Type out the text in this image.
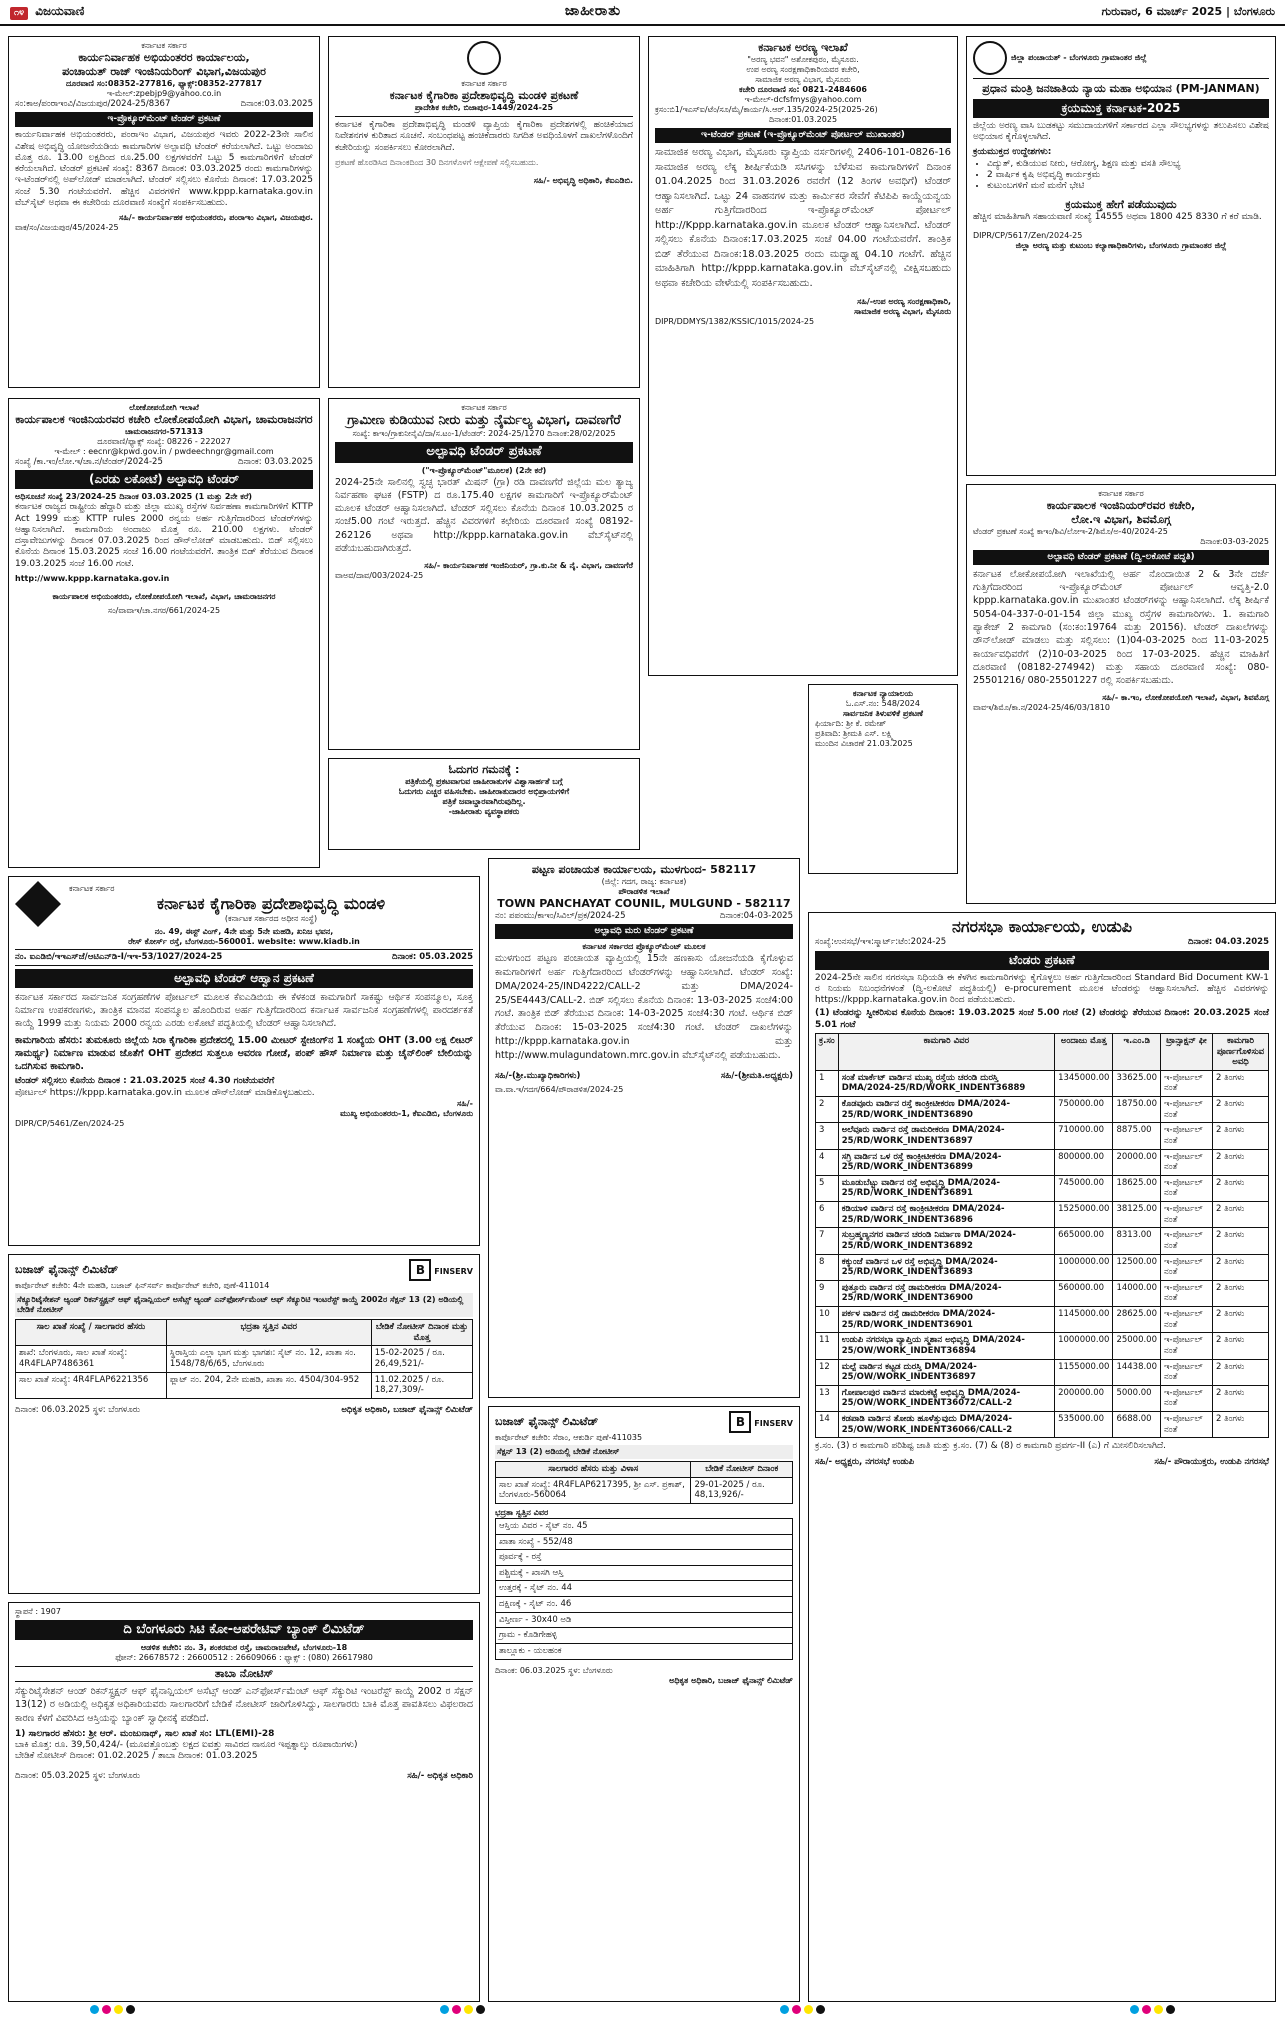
೧೪ ವಿಜಯವಾಣಿ	ಜಾಹೀರಾತು	ಗುರುವಾರ, 6 ಮಾರ್ಚ್ 2025 | ಬೆಂಗಳೂರು
ಕರ್ನಾಟಕ ಸರ್ಕಾರ
ಕಾರ್ಯನಿರ್ವಾಹಕ ಅಭಿಯಂತರರ ಕಾರ್ಯಾಲಯ,
ಪಂಚಾಯತ್ ರಾಜ್ ಇಂಜಿನಿಯರಿಂಗ್ ವಿಭಾಗ,ವಿಜಯಪುರ
ದೂರವಾಣಿ ಸಂ:08352-277816, ಫ್ಯಾಕ್ಸ್:08352-277817
ಇ-ಮೇಲ್:zpebjp9@yahoo.co.in
ಸಂ:ಕಾಅ/ಪಂರಾಇಂವಿ/ವಿಜಯಪುರ/2024-25/8367	ದಿನಾಂಕ:03.03.2025
ಇ-ಪ್ರೊಕ್ಯೂರ್‌ಮೆಂಟ್ ಟೆಂಡರ್ ಪ್ರಕಟಣೆ
ಕಾರ್ಯನಿರ್ವಾಹಕ ಅಭಿಯಂತರರು, ಪಂರಾಇಂ ವಿಭಾಗ, ವಿಜಯಪುರ ಇವರು 2022-23ನೇ ಸಾಲಿನ ವಿಶೇಷ ಅಭಿವೃದ್ಧಿ ಯೋಜನೆಯಡಿಯ ಕಾಮಗಾರಿಗಳ ಅಲ್ಪಾವಧಿ ಟೆಂಡರ್ ಕರೆಯಲಾಗಿದೆ. ಒಟ್ಟು ಅಂದಾಜು ಮೊತ್ತ ರೂ. 13.00 ಲಕ್ಷದಿಂದ ರೂ.25.00 ಲಕ್ಷಗಳವರೆಗೆ ಒಟ್ಟು 5 ಕಾಮಗಾರಿಗಳಿಗೆ ಟೆಂಡರ್ ಕರೆಯಲಾಗಿದೆ. ಟೆಂಡರ್ ಪ್ರಕಟಣೆ ಸಂಖ್ಯೆ: 8367 ದಿನಾಂಕ: 03.03.2025 ರಂದು ಕಾಮಗಾರಿಗಳನ್ನು ಇ-ಟೆಂಡರ್‌ನಲ್ಲಿ ಅಪ್‌ಲೋಡ್ ಮಾಡಲಾಗಿದೆ. ಟೆಂಡರ್ ಸಲ್ಲಿಸಲು ಕೊನೆಯ ದಿನಾಂಕ: 17.03.2025 ಸಂಜೆ 5.30 ಗಂಟೆಯವರೆಗೆ. ಹೆಚ್ಚಿನ ವಿವರಗಳಿಗೆ www.kppp.karnataka.gov.in ವೆಬ್‌ಸೈಟ್ ಅಥವಾ ಈ ಕಚೇರಿಯ ದೂರವಾಣಿ ಸಂಖ್ಯೆಗೆ ಸಂಪರ್ಕಿಸಬಹುದು.
ಸಹಿ/- ಕಾರ್ಯನಿರ್ವಾಹಕ ಅಭಿಯಂತರರು, ಪಂರಾಇಂ ವಿಭಾಗ, ವಿಜಯಪುರ.
ವಾಕ/ಸಂ/ವಿಜಯಪುರ/45/2024-25
ಕರ್ನಾಟಕ ಸರ್ಕಾರ
ಕರ್ನಾಟಕ ಕೈಗಾರಿಕಾ ಪ್ರದೇಶಾಭಿವೃದ್ಧಿ ಮಂಡಳಿ ಪ್ರಕಟಣೆ
ಪ್ರಾದೇಶಿಕ ಕಚೇರಿ, ಬಿಜಾಪುರ-1449/2024-25
ಕರ್ನಾಟಕ ಕೈಗಾರಿಕಾ ಪ್ರದೇಶಾಭಿವೃದ್ಧಿ ಮಂಡಳಿ ವ್ಯಾಪ್ತಿಯ ಕೈಗಾರಿಕಾ ಪ್ರದೇಶಗಳಲ್ಲಿ ಹಂಚಿಕೆಯಾದ ನಿವೇಶನಗಳ ಕುರಿತಾದ ಸೂಚನೆ. ಸಂಬಂಧಪಟ್ಟ ಹಂಚಿಕೆದಾರರು ನಿಗದಿತ ಅವಧಿಯೊಳಗೆ ದಾಖಲೆಗಳೊಂದಿಗೆ ಕಚೇರಿಯನ್ನು ಸಂಪರ್ಕಿಸಲು ಕೋರಲಾಗಿದೆ.
ಪ್ರಕಟಣೆ ಹೊರಡಿಸಿದ ದಿನಾಂಕದಿಂದ 30 ದಿನಗಳೊಳಗೆ ಆಕ್ಷೇಪಣೆ ಸಲ್ಲಿಸಬಹುದು.
ಸಹಿ/- ಅಭಿವೃದ್ಧಿ ಅಧಿಕಾರಿ, ಕೆಐಎಡಿಬಿ.
ಕರ್ನಾಟಕ ಅರಣ್ಯ ಇಲಾಖೆ
"ಅರಣ್ಯ ಭವನ" ಅಶೋಕಪುರಂ, ಮೈಸೂರು.
ಉಪ ಅರಣ್ಯ ಸಂರಕ್ಷಣಾಧಿಕಾರಿಯವರ ಕಚೇರಿ,
ಸಾಮಾಜಿಕ ಅರಣ್ಯ ವಿಭಾಗ, ಮೈಸೂರು
ಕಚೇರಿ ದೂರವಾಣಿ ಸಂ: 0821-2484606
ಇ-ಮೇಲ್-dcfsfmys@yahoo.com
ಕ್ರಸಂ:ಬಿ1/ಇಎಸ್ಐ/ಟೆಂ/ಸೂ/ಮೈ/ಕಾರ್ಯ/ಸಿ.ಆರ್.135/2024-25(2025-26)
ದಿನಾಂಕ:01.03.2025
ಇ-ಟೆಂಡರ್ ಪ್ರಕಟಣೆ (ಇ-ಪ್ರೊಕ್ಯೂರ್‌ಮೆಂಟ್ ಪೋರ್ಟಲ್ ಮುಖಾಂತರ)
ಸಾಮಾಜಿಕ ಅರಣ್ಯ ವಿಭಾಗ, ಮೈಸೂರು ವ್ಯಾಪ್ತಿಯ ನರ್ಸರಿಗಳಲ್ಲಿ 2406-101-0826-16 ಸಾಮಾಜಿಕ ಅರಣ್ಯ ಲೆಕ್ಕ ಶೀರ್ಷಿಕೆಯಡಿ ಸಸಿಗಳನ್ನು ಬೆಳೆಸುವ ಕಾಮಗಾರಿಗಳಿಗೆ ದಿನಾಂಕ 01.04.2025 ರಿಂದ 31.03.2026 ರವರೆಗೆ (12 ತಿಂಗಳ ಅವಧಿಗೆ) ಟೆಂಡರ್ ಆಹ್ವಾನಿಸಲಾಗಿದೆ. ಒಟ್ಟು 24 ವಾಹನಗಳ ಮತ್ತು ಕಾರ್ಮಿಕರ ಸೇವೆಗೆ ಕೆಟಿಪಿಪಿ ಕಾಯ್ದೆಯನ್ವಯ ಅರ್ಹ ಗುತ್ತಿಗೆದಾರರಿಂದ ಇ-ಪ್ರೊಕ್ಯೂರ್‌ಮೆಂಟ್ ಪೋರ್ಟಲ್ http://Kppp.karnataka.gov.in ಮೂಲಕ ಟೆಂಡರ್ ಆಹ್ವಾನಿಸಲಾಗಿದೆ. ಟೆಂಡರ್ ಸಲ್ಲಿಸಲು ಕೊನೆಯ ದಿನಾಂಕ:17.03.2025 ಸಂಜೆ 04.00 ಗಂಟೆಯವರೆಗೆ. ತಾಂತ್ರಿಕ ಬಿಡ್ ತೆರೆಯುವ ದಿನಾಂಕ:18.03.2025 ರಂದು ಮಧ್ಯಾಹ್ನ 04.10 ಗಂಟೆಗೆ. ಹೆಚ್ಚಿನ ಮಾಹಿತಿಗಾಗಿ http://kppp.karnataka.gov.in ವೆಬ್‌ಸೈಟ್‌ನಲ್ಲಿ ವೀಕ್ಷಿಸಬಹುದು ಅಥವಾ ಕಚೇರಿಯ ವೇಳೆಯಲ್ಲಿ ಸಂಪರ್ಕಿಸಬಹುದು.
ಸಹಿ/-ಉಪ ಅರಣ್ಯ ಸಂರಕ್ಷಣಾಧಿಕಾರಿ,
ಸಾಮಾಜಿಕ ಅರಣ್ಯ ವಿಭಾಗ, ಮೈಸೂರು
DIPR/DDMYS/1382/KSSIC/1015/2024-25
ಜಿಲ್ಲಾ ಪಂಚಾಯತ್ - ಬೆಂಗಳೂರು ಗ್ರಾಮಾಂತರ ಜಿಲ್ಲೆ
ಪ್ರಧಾನ ಮಂತ್ರಿ ಜನಜಾತಿಯ ನ್ಯಾಯ ಮಹಾ ಅಭಿಯಾನ (PM-JANMAN)
ಕ್ರಯಮುಕ್ತ ಕರ್ನಾಟಕ-2025
ಜಿಲ್ಲೆಯ ಅರಣ್ಯ ವಾಸಿ ಬುಡಕಟ್ಟು ಸಮುದಾಯಗಳಿಗೆ ಸರ್ಕಾರದ ಎಲ್ಲಾ ಸೌಲಭ್ಯಗಳನ್ನು ತಲುಪಿಸಲು ವಿಶೇಷ ಅಭಿಯಾನ ಕೈಗೊಳ್ಳಲಾಗಿದೆ.
ಕ್ರಯಮುಕ್ತದ ಉದ್ದೇಶಗಳು:
• ವಿದ್ಯುತ್, ಕುಡಿಯುವ ನೀರು, ಆರೋಗ್ಯ, ಶಿಕ್ಷಣ ಮತ್ತು ವಸತಿ ಸೌಲಭ್ಯ
• 2 ವಾರ್ಷಿಕ ಕೃಷಿ ಅಭಿವೃದ್ಧಿ ಕಾರ್ಯಕ್ರಮ
• ಕುಟುಂಬಗಳಿಗೆ ಮನೆ ಮನೆಗೆ ಭೇಟಿ
ಕ್ರಯಮುಕ್ತ ಹೇಗೆ ಪಡೆಯುವುದು
ಹೆಚ್ಚಿನ ಮಾಹಿತಿಗಾಗಿ ಸಹಾಯವಾಣಿ ಸಂಖ್ಯೆ 14555 ಅಥವಾ 1800 425 8330 ಗೆ ಕರೆ ಮಾಡಿ.
DIPR/CP/5617/Zen/2024-25
ಜಿಲ್ಲಾ ಅರಣ್ಯ ಮತ್ತು ಕುಟುಂಬ ಕಲ್ಯಾಣಾಧಿಕಾರಿಗಳು, ಬೆಂಗಳೂರು ಗ್ರಾಮಾಂತರ ಜಿಲ್ಲೆ
ಲೋಕೋಪಯೋಗಿ ಇಲಾಖೆ
ಕಾರ್ಯಪಾಲಕ ಇಂಜಿನಿಯರವರ ಕಚೇರಿ ಲೋಕೋಪಯೋಗಿ ವಿಭಾಗ, ಚಾಮರಾಜನಗರ
ಚಾಮರಾಜನಗರ-571313
ದೂರವಾಣಿ/ಫ್ಯಾಕ್ಸ್ ಸಂಖ್ಯೆ: 08226 - 222027
ಇ-ಮೇಲ್ : eecnr@kpwd.gov.in / pwdeechngr@gmail.com
ಸಂಖ್ಯೆ /ಕಾ.ಇಂ/ಲೋ.ಇ/ಚಾ.ನ/ಟೆಂಡರ್/2024-25	ದಿನಾಂಕ: 03.03.2025
(ಎರಡು ಲಕೋಟೆ) ಅಲ್ಪಾವಧಿ ಟೆಂಡರ್
ಅಧಿಸೂಚನೆ ಸಂಖ್ಯೆ 23/2024-25 ದಿನಾಂಕ 03.03.2025 (1 ಮತ್ತು 2ನೇ ಕರೆ)
ಕರ್ನಾಟಕ ರಾಜ್ಯದ ರಾಷ್ಟ್ರೀಯ ಹೆದ್ದಾರಿ ಮತ್ತು ಜಿಲ್ಲಾ ಮುಖ್ಯ ರಸ್ತೆಗಳ ನಿರ್ವಹಣಾ ಕಾಮಗಾರಿಗಳಿಗೆ KTTP Act 1999 ಮತ್ತು KTTP rules 2000 ರನ್ವಯ ಅರ್ಹ ಗುತ್ತಿಗೆದಾರರಿಂದ ಟೆಂಡರ್‌ಗಳನ್ನು ಆಹ್ವಾನಿಸಲಾಗಿದೆ. ಕಾಮಗಾರಿಯ ಅಂದಾಜು ಮೊತ್ತ ರೂ. 210.00 ಲಕ್ಷಗಳು. ಟೆಂಡರ್ ದಸ್ತಾವೇಜುಗಳನ್ನು ದಿನಾಂಕ 07.03.2025 ರಿಂದ ಡೌನ್‌ಲೋಡ್ ಮಾಡಬಹುದು. ಬಿಡ್ ಸಲ್ಲಿಸಲು ಕೊನೆಯ ದಿನಾಂಕ 15.03.2025 ಸಂಜೆ 16.00 ಗಂಟೆಯವರೆಗೆ. ತಾಂತ್ರಿಕ ಬಿಡ್ ತೆರೆಯುವ ದಿನಾಂಕ 19.03.2025 ಸಂಜೆ 16.00 ಗಂಟೆ.
http://www.kppp.karnataka.gov.in
ಕಾರ್ಯಪಾಲಕ ಅಭಿಯಂತರರು, ಲೋಕೋಪಯೋಗಿ ಇಲಾಖೆ, ವಿಭಾಗ, ಚಾಮರಾಜನಗರ
ಸಂ/ವಾವಾಇ/ಚಾ.ನಗರ/661/2024-25
ಕರ್ನಾಟಕ ಸರ್ಕಾರ
ಗ್ರಾಮೀಣ ಕುಡಿಯುವ ನೀರು ಮತ್ತು ನೈರ್ಮಲ್ಯ ವಿಭಾಗ, ದಾವಣಗೆರೆ
ಸಂಖ್ಯೆ: ಕಾಇಂ/ಗ್ರಾಕುನೀನೈವಿ/ದಾ/ಸ.ಟಂ-1/ಟೆಂಡರ್: 2024-25/1270 ದಿನಾಂಕ:28/02/2025
ಅಲ್ಪಾವಧಿ ಟೆಂಡರ್ ಪ್ರಕಟಣೆ
("ಇ-ಪ್ರೊಕ್ಯೂರ್‌ಮೆಂಟ್"ಮೂಲಕ) (2ನೇ ಕರೆ)
2024-25ನೇ ಸಾಲಿನಲ್ಲಿ ಸ್ವಚ್ಛ ಭಾರತ್ ಮಿಷನ್ (ಗ್ರಾ) ರಡಿ ದಾವಣಗೆರೆ ಜಿಲ್ಲೆಯ ಮಲ ತ್ಯಾಜ್ಯ ನಿರ್ವಹಣಾ ಘಟಕ (FSTP) ದ ರೂ.175.40 ಲಕ್ಷಗಳ ಕಾಮಗಾರಿಗೆ ಇ-ಪ್ರೊಕ್ಯೂರ್‌ಮೆಂಟ್ ಮೂಲಕ ಟೆಂಡರ್ ಆಹ್ವಾನಿಸಲಾಗಿದೆ. ಟೆಂಡರ್ ಸಲ್ಲಿಸಲು ಕೊನೆಯ ದಿನಾಂಕ 10.03.2025 ರ ಸಂಜೆ5.00 ಗಂಟೆ ಇರುತ್ತದೆ. ಹೆಚ್ಚಿನ ವಿವರಗಳಿಗೆ ಕಛೇರಿಯ ದೂರವಾಣಿ ಸಂಖ್ಯೆ 08192-262126 ಅಥವಾ http://kppp.karnataka.gov.in ವೆಬ್‌ಸೈಟ್‌ನಲ್ಲಿ ಪಡೆಯಬಹುದಾಗಿರುತ್ತದೆ.
ಸಹಿ/- ಕಾರ್ಯನಿರ್ವಾಹಕ ಇಂಜಿನಿಯರ್, ಗ್ರಾ.ಕು.ನೀ & ನೈ. ವಿಭಾಗ, ದಾವಣಗೆರೆ
ವಾಅವ/ದಾವ/003/2024-25
ಓದುಗರ ಗಮನಕ್ಕೆ :
ಪತ್ರಿಕೆಯಲ್ಲಿ ಪ್ರಕಟವಾಗುವ ಜಾಹೀರಾತುಗಳ ವಿಶ್ವಾಸಾರ್ಹತೆ ಬಗ್ಗೆ
ಓದುಗರು ಎಚ್ಚರ ವಹಿಸಬೇಕು. ಜಾಹೀರಾತುದಾರರ ಅಭಿಪ್ರಾಯಗಳಿಗೆ
ಪತ್ರಿಕೆ ಜವಾಬ್ದಾರವಾಗಿರುವುದಿಲ್ಲ.
-ಜಾಹೀರಾತು ವ್ಯವಸ್ಥಾಪಕರು
ಕರ್ನಾಟಕ ನ್ಯಾಯಾಲಯ
ಓ.ಎಸ್.ನಂ: 548/2024
ಸಾರ್ವಜನಿಕ ತಿಳುವಳಿಕೆ ಪ್ರಕಟಣೆ
ಫಿರ್ಯಾದಿ: ಶ್ರೀ ಕೆ. ರಮೇಶ್
ಪ್ರತಿವಾದಿ: ಶ್ರೀಮತಿ ಎಸ್. ಲಕ್ಷ್ಮಿ
ಮುಂದಿನ ವಿಚಾರಣೆ 21.03.2025
ಕರ್ನಾಟಕ ಸರ್ಕಾರ
ಕಾರ್ಯಪಾಲಕ ಇಂಜಿನಿಯರ್‌ರವರ ಕಚೇರಿ,
ಲೋ.ಇ ವಿಭಾಗ, ಶಿವಮೊಗ್ಗ
ಟೆಂಡರ್ ಪ್ರಕಟಣೆ ಸಂಖ್ಯೆ ಕಾಇಂ/ಶಿವಿ/ಲೋಇ-2/ಶಿಮೊ/ಅ-40/2024-25
ದಿನಾಂಕ:03-03-2025
ಅಲ್ಪಾವಧಿ ಟೆಂಡರ್ ಪ್ರಕಟಣೆ (ದ್ವಿ-ಲಕೋಟೆ ಪದ್ಧತಿ)
ಕರ್ನಾಟಕ ಲೋಕೋಪಯೋಗಿ ಇಲಾಖೆಯಲ್ಲಿ ಅರ್ಹ ನೊಂದಾಯಿತ 2 & 3ನೇ ದರ್ಜೆ ಗುತ್ತಿಗೆದಾರರಿಂದ ಇ-ಪ್ರೊಕ್ಯೂರ್‌ಮೆಂಟ್ ಪೋರ್ಟಲ್ ಆವೃತ್ತಿ-2.0 kppp.karnataka.gov.in ಮುಖಾಂತರ ಟೆಂಡರ್‌ಗಳನ್ನು ಆಹ್ವಾನಿಸಲಾಗಿದೆ. ಲೆಕ್ಕ ಶೀರ್ಷಿಕೆ 5054-04-337-0-01-154 ಜಿಲ್ಲಾ ಮುಖ್ಯ ರಸ್ತೆಗಳ ಕಾಮಗಾರಿಗಳು. 1. ಕಾಮಗಾರಿ ಪ್ಯಾಕೇಜ್ 2 ಕಾಮಗಾರಿ (ಸಂ:ಕಂ:19764 ಮತ್ತು 20156). ಟೆಂಡರ್ ದಾಖಲೆಗಳನ್ನು ಡೌನ್‌ಲೋಡ್ ಮಾಡಲು ಮತ್ತು ಸಲ್ಲಿಸಲು: (1)04-03-2025 ರಿಂದ 11-03-2025 ಕಾರ್ಯಾವಧಿವರೆಗೆ (2)10-03-2025 ರಿಂದ 17-03-2025. ಹೆಚ್ಚಿನ ಮಾಹಿತಿಗೆ ದೂರವಾಣಿ (08182-274942) ಮತ್ತು ಸಹಾಯ ದೂರವಾಣಿ ಸಂಖ್ಯೆ: 080-25501216/ 080-25501227 ರಲ್ಲಿ ಸಂಪರ್ಕಿಸಬಹುದು.
ಸಹಿ/- ಕಾ.ಇಂ, ಲೋಕೋಪಯೋಗಿ ಇಲಾಖೆ, ವಿಭಾಗ, ಶಿವಮೊಗ್ಗ
ವಾವಇ/ಶಿಮೊ/ಕಾ.ನ/2024-25/46/03/1810
ಪಟ್ಟಣ ಪಂಚಾಯತ ಕಾರ್ಯಾಲಯ, ಮುಳಗುಂದ- 582117
(ಜಿಲ್ಲೆ: ಗದಗ, ರಾಜ್ಯ: ಕರ್ನಾಟಕ)
ಪೌರಾಡಳಿತ ಇಲಾಖೆ
TOWN PANCHAYAT COUNIL, MULGUND - 582117
ನಂ: ಪಪಂಮು/ಕಾಇಂ/ಸಿವಿಲ್/ಪ್ರಕ/2024-25	ದಿನಾಂಕ:04-03-2025
ಅಲ್ಪಾವಧಿ ಮರು ಟೆಂಡರ್ ಪ್ರಕಟಣೆ
ಕರ್ನಾಟಕ ಸರ್ಕಾರದ ಪ್ರೊಕ್ಯೂರ್‌ಮೆಂಟ್ ಮೂಲಕ
ಮುಳಗುಂದ ಪಟ್ಟಣ ಪಂಚಾಯತ ವ್ಯಾಪ್ತಿಯಲ್ಲಿ 15ನೇ ಹಣಕಾಸು ಯೋಜನೆಯಡಿ ಕೈಗೊಳ್ಳುವ ಕಾಮಗಾರಿಗಳಿಗೆ ಅರ್ಹ ಗುತ್ತಿಗೆದಾರರಿಂದ ಟೆಂಡರ್‌ಗಳನ್ನು ಆಹ್ವಾನಿಸಲಾಗಿದೆ. ಟೆಂಡರ್ ಸಂಖ್ಯೆ: DMA/2024-25/IND4222/CALL-2 ಮತ್ತು DMA/2024-25/SE4443/CALL-2. ಬಿಡ್ ಸಲ್ಲಿಸಲು ಕೊನೆಯ ದಿನಾಂಕ: 13-03-2025 ಸಂಜೆ4:00 ಗಂಟೆ. ತಾಂತ್ರಿಕ ಬಿಡ್ ತೆರೆಯುವ ದಿನಾಂಕ: 14-03-2025 ಸಂಜೆ4:30 ಗಂಟೆ. ಆರ್ಥಿಕ ಬಿಡ್ ತೆರೆಯುವ ದಿನಾಂಕ: 15-03-2025 ಸಂಜೆ4:30 ಗಂಟೆ. ಟೆಂಡರ್ ದಾಖಲೆಗಳನ್ನು http://kppp.karnataka.gov.in ಮತ್ತು http://www.mulagundatown.mrc.gov.in ವೆಬ್‌ಸೈಟ್‌ನಲ್ಲಿ ಪಡೆಯಬಹುದು.
ಸಹಿ/-(ಶ್ರೀ.ಮುಖ್ಯಾಧಿಕಾರಿಗಳು)	ಸಹಿ/-(ಶ್ರೀಮತಿ.ಅಧ್ಯಕ್ಷರು)
ವಾ.ವಾ.ಇ/ಗದಗ/664/ಪೌರಾಡಳಿತ/2024-25
ಕರ್ನಾಟಕ ಸರ್ಕಾರ
ಕರ್ನಾಟಕ ಕೈಗಾರಿಕಾ ಪ್ರದೇಶಾಭಿವೃದ್ಧಿ ಮಂಡಳಿ
(ಕರ್ನಾಟಕ ಸರ್ಕಾರದ ಅಧೀನ ಸಂಸ್ಥೆ)
ನಂ. 49, ಈಸ್ಟ್ ವಿಂಗ್, 4ನೇ ಮತ್ತು 5ನೇ ಮಹಡಿ, ಖನಿಜ ಭವನ,
ರೇಸ್ ಕೋರ್ಸ್ ರಸ್ತೆ, ಬೆಂಗಳೂರು-560001. website: www.kiadb.in
ನಂ. ಐಎಡಿಬಿ/ಇಇಎಸ್‌ಜೆ/ಆಟಿಎನ್‌ಡಿ-I/ಇಇ-53/1027/2024-25	ದಿನಾಂಕ: 05.03.2025
ಅಲ್ಪಾವಧಿ ಟೆಂಡರ್ ಆಹ್ವಾನ ಪ್ರಕಟಣೆ
ಕರ್ನಾಟಕ ಸರ್ಕಾರದ ಸಾರ್ವಜನಿಕ ಸಂಗ್ರಹಣೆಗಳ ಪೋರ್ಟಲ್ ಮೂಲಕ ಕೆಐಎಡಿಬಿಯ ಈ ಕೆಳಕಂಡ ಕಾಮಗಾರಿಗೆ ಸಾಕಷ್ಟು ಆರ್ಥಿಕ ಸಂಪನ್ಮೂಲ, ಸೂಕ್ತ ನಿರ್ಮಾಣ ಉಪಕರಣಗಳು, ತಾಂತ್ರಿಕ ಮಾನವ ಸಂಪನ್ಮೂಲ ಹೊಂದಿರುವ ಅರ್ಹ ಗುತ್ತಿಗೆದಾರರಿಂದ ಕರ್ನಾಟಕ ಸಾರ್ವಜನಿಕ ಸಂಗ್ರಹಣೆಗಳಲ್ಲಿ ಪಾರದರ್ಶಕತೆ ಕಾಯ್ದೆ 1999 ಮತ್ತು ನಿಯಮ 2000 ರನ್ವಯ ಎರಡು ಲಕೋಟೆ ಪದ್ಧತಿಯಲ್ಲಿ ಟೆಂಡರ್ ಆಹ್ವಾನಿಸಲಾಗಿದೆ.
ಕಾಮಗಾರಿಯ ಹೆಸರು: ತುಮಕೂರು ಜಿಲ್ಲೆಯ ಸಿರಾ ಕೈಗಾರಿಕಾ ಪ್ರದೇಶದಲ್ಲಿ 15.00 ಮೀಟರ್ ಸ್ಟೇಜಿಂಗ್‌ನ 1 ಸಂಖ್ಯೆಯ OHT (3.00 ಲಕ್ಷ ಲೀಟರ್ ಸಾಮರ್ಥ್ಯ) ನಿರ್ಮಾಣ ಮಾಡುವ ಜೊತೆಗೆ OHT ಪ್ರದೇಶದ ಸುತ್ತಲೂ ಆವರಣ ಗೋಡೆ, ಪಂಪ್ ಹೌಸ್ ನಿರ್ಮಾಣ ಮತ್ತು ಚೈನ್‌ಲಿಂಕ್ ಬೇಲಿಯನ್ನು ಒದಗಿಸುವ ಕಾಮಗಾರಿ.
ಟೆಂಡರ್ ಸಲ್ಲಿಸಲು ಕೊನೆಯ ದಿನಾಂಕ : 21.03.2025 ಸಂಜೆ 4.30 ಗಂಟೆಯವರೆಗೆ
ಪೋರ್ಟಲ್ https://kppp.karnataka.gov.in ಮೂಲಕ ಡೌನ್‌ಲೋಡ್ ಮಾಡಿಕೊಳ್ಳಬಹುದು.
ಸಹಿ/-
ಮುಖ್ಯ ಅಭಿಯಂತರರು-1, ಕೆಐಎಡಿಬಿ, ಬೆಂಗಳೂರು
DIPR/CP/5461/Zen/2024-25
ಬಜಾಜ್ ಫೈನಾನ್ಸ್ ಲಿಮಿಟೆಡ್	B FINSERV
ಕಾರ್ಪೊರೇಟ್ ಕಚೇರಿ: 4ನೇ ಮಹಡಿ, ಬಜಾಜ್ ಫಿನ್‌ಸರ್ವ್ ಕಾರ್ಪೊರೇಟ್ ಕಚೇರಿ, ಪುಣೆ-411014
ಸೆಕ್ಯೂರಿಟೈಸೇಶನ್ ಆ್ಯಂಡ್ ರಿಕನ್‌ಸ್ಟ್ರಕ್ಷನ್ ಆಫ್ ಫೈನಾನ್ಷಿಯಲ್ ಅಸೆಟ್ಸ್ ಆ್ಯಂಡ್ ಎನ್‌ಫೋರ್ಸ್‌ಮೆಂಟ್ ಆಫ್ ಸೆಕ್ಯೂರಿಟಿ ಇಂಟರೆಸ್ಟ್ ಕಾಯ್ದೆ 2002ರ ಸೆಕ್ಷನ್ 13 (2) ಅಡಿಯಲ್ಲಿ ಬೇಡಿಕೆ ನೋಟೀಸ್
ಸಾಲ ಖಾತೆ ಸಂಖ್ಯೆ / ಸಾಲಗಾರರ ಹೆಸರು	ಭದ್ರತಾ ಸ್ವತ್ತಿನ ವಿವರ	ಬೇಡಿಕೆ ನೋಟೀಸ್ ದಿನಾಂಕ ಮತ್ತು ಮೊತ್ತ
ಶಾಖೆ: ಬೆಂಗಳೂರು, ಸಾಲ ಖಾತೆ ಸಂಖ್ಯೆ: 4R4FLAP7486361	ಸ್ಥಿರಾಸ್ತಿಯ ಎಲ್ಲಾ ಭಾಗ ಮತ್ತು ಭಾಗಶಃ: ಸೈಟ್ ನಂ. 12, ಖಾತಾ ಸಂ. 1548/78/6/65, ಬೆಂಗಳೂರು	15-02-2025 / ರೂ. 26,49,521/-
ಸಾಲ ಖಾತೆ ಸಂಖ್ಯೆ: 4R4FLAP6221356	ಫ್ಲಾಟ್ ನಂ. 204, 2ನೇ ಮಹಡಿ, ಖಾತಾ ಸಂ. 4504/304-952	11.02.2025 / ರೂ. 18,27,309/-
ದಿನಾಂಕ: 06.03.2025 ಸ್ಥಳ: ಬೆಂಗಳೂರು	ಅಧಿಕೃತ ಅಧಿಕಾರಿ, ಬಜಾಜ್ ಫೈನಾನ್ಸ್ ಲಿಮಿಟೆಡ್
ಸ್ಥಾಪನೆ : 1907
ದಿ ಬೆಂಗಳೂರು ಸಿಟಿ ಕೋ-ಆಪರೇಟಿವ್ ಬ್ಯಾಂಕ್ ಲಿಮಿಟೆಡ್
ಆಡಳಿತ ಕಚೇರಿ: ನಂ. 3, ಶಂಕರಮಠ ರಸ್ತೆ, ಚಾಮರಾಜಪೇಟೆ, ಬೆಂಗಳೂರು-18
ಫೋನ್: 26678572 : 26600512 : 26609066 : ಫ್ಯಾಕ್ಸ್ : (080) 26617980
ತಾಬಾ ನೋಟಿಸ್
ಸೆಕ್ಯುರಿಟೈಸೇಶನ್ ಆಂಡ್ ರಿಕನ್‌ಸ್ಟ್ರಕ್ಷನ್ ಆಫ್ ಫೈನಾನ್ಷಿಯಲ್ ಅಸೆಟ್ಸ್ ಆಂಡ್ ಎನ್‌ಫೋರ್ಸ್‌ಮೆಂಟ್ ಆಫ್ ಸೆಕ್ಯುರಿಟಿ ಇಂಟರೆಸ್ಟ್ ಕಾಯ್ದೆ 2002 ರ ಸೆಕ್ಷನ್ 13(12) ರ ಅಡಿಯಲ್ಲಿ ಅಧಿಕೃತ ಅಧಿಕಾರಿಯವರು ಸಾಲಗಾರರಿಗೆ ಬೇಡಿಕೆ ನೋಟೀಸ್ ಜಾರಿಗೊಳಿಸಿದ್ದು, ಸಾಲಗಾರರು ಬಾಕಿ ಮೊತ್ತ ಪಾವತಿಸಲು ವಿಫಲರಾದ ಕಾರಣ ಕೆಳಗೆ ವಿವರಿಸಿದ ಆಸ್ತಿಯನ್ನು ಬ್ಯಾಂಕ್ ಸ್ವಾಧೀನಕ್ಕೆ ಪಡೆದಿದೆ.
1) ಸಾಲಗಾರರ ಹೆಸರು: ಶ್ರೀ ಆರ್. ಮಂಜುನಾಥ್, ಸಾಲ ಖಾತೆ ಸಂ: LTL(EMI)-28
ಬಾಕಿ ಮೊತ್ತ: ರೂ. 39,50,424/- (ಮೂವತ್ತೊಂಬತ್ತು ಲಕ್ಷದ ಐವತ್ತು ಸಾವಿರದ ನಾನೂರ ಇಪ್ಪತ್ನಾಲ್ಕು ರೂಪಾಯಿಗಳು)
ಬೇಡಿಕೆ ನೋಟೀಸ್ ದಿನಾಂಕ: 01.02.2025 / ತಾಬಾ ದಿನಾಂಕ: 01.03.2025
ದಿನಾಂಕ: 05.03.2025 ಸ್ಥಳ: ಬೆಂಗಳೂರು	ಸಹಿ/- ಅಧಿಕೃತ ಅಧಿಕಾರಿ
ಬಜಾಜ್ ಫೈನಾನ್ಸ್ ಲಿಮಿಟೆಡ್	B FINSERV
ಕಾರ್ಪೊರೇಟ್ ಕಚೇರಿ: ಸೆರಾಂ, ಆಕುರ್ಡಿ ಪುಣೆ-411035
ಸೆಕ್ಷನ್ 13 (2) ಅಡಿಯಲ್ಲಿ ಬೇಡಿಕೆ ನೋಟೀಸ್
ಸಾಲಗಾರರ ಹೆಸರು ಮತ್ತು ವಿಳಾಸ	ಬೇಡಿಕೆ ನೋಟೀಸ್ ದಿನಾಂಕ
ಸಾಲ ಖಾತೆ ಸಂಖ್ಯೆ: 4R4FLAP6217395, ಶ್ರೀ ಎಸ್. ಪ್ರಕಾಶ್, ಬೆಂಗಳೂರು-560064	29-01-2025 / ರೂ. 48,13,926/-
ಭದ್ರತಾ ಸ್ವತ್ತಿನ ವಿವರ
ಆಸ್ತಿಯ ವಿವರ - ಸೈಟ್ ನಂ. 45
ಖಾತಾ ಸಂಖ್ಯೆ - 552/48
ಪೂರ್ವಕ್ಕೆ - ರಸ್ತೆ
ಪಶ್ಚಿಮಕ್ಕೆ - ಖಾಸಗಿ ಆಸ್ತಿ
ಉತ್ತರಕ್ಕೆ - ಸೈಟ್ ನಂ. 44
ದಕ್ಷಿಣಕ್ಕೆ - ಸೈಟ್ ನಂ. 46
ವಿಸ್ತೀರ್ಣ - 30x40 ಅಡಿ
ಗ್ರಾಮ - ಕೊಡಿಗೇಹಳ್ಳಿ
ತಾಲ್ಲೂಕು - ಯಲಹಂಕ
ದಿನಾಂಕ: 06.03.2025 ಸ್ಥಳ: ಬೆಂಗಳೂರು
ಅಧಿಕೃತ ಅಧಿಕಾರಿ, ಬಜಾಜ್ ಫೈನಾನ್ಸ್ ಲಿಮಿಟೆಡ್
ನಗರಸಭಾ ಕಾರ್ಯಾಲಯ, ಉಡುಪಿ
ಸಂಖ್ಯೆ:ಉನಸಭೆ/ಇಇ:ಸ್ಮಾರ್ಟ್:ಟೆಂ:2024-25	ದಿನಾಂಕ: 04.03.2025
ಟೆಂಡರು ಪ್ರಕಟಣೆ
2024-25ನೇ ಸಾಲಿನ ನಗರಸಭಾ ನಿಧಿಯಡಿ ಈ ಕೆಳಗಿನ ಕಾಮಗಾರಿಗಳನ್ನು ಕೈಗೊಳ್ಳಲು ಅರ್ಹ ಗುತ್ತಿಗೆದಾರರಿಂದ Standard Bid Document KW-1 ರ ನಿಯಮ ನಿಬಂಧನೆಗಳಂತೆ (ದ್ವಿ-ಲಕೋಟೆ ಪದ್ಧತಿಯಲ್ಲಿ) e-procurement ಮೂಲಕ ಟೆಂಡರನ್ನು ಆಹ್ವಾನಿಸಲಾಗಿದೆ. ಹೆಚ್ಚಿನ ವಿವರಗಳನ್ನು https://kppp.karnataka.gov.in ರಿಂದ ಪಡೆಯಬಹುದು.
(1) ಟೆಂಡರನ್ನು ಸ್ವೀಕರಿಸುವ ಕೊನೆಯ ದಿನಾಂಕ: 19.03.2025 ಸಂಜೆ 5.00 ಗಂಟೆ (2) ಟೆಂಡರನ್ನು ತೆರೆಯುವ ದಿನಾಂಕ: 20.03.2025 ಸಂಜೆ 5.01 ಗಂಟೆ
ಕ್ರ.ಸಂ	ಕಾಮಗಾರಿ ವಿವರ	ಅಂದಾಜು ಮೊತ್ತ	ಇ.ಎಂ.ಡಿ	ಟ್ರಾನ್ಸಾಕ್ಷನ್ ಫೀ	ಕಾಮಗಾರಿ ಪೂರ್ಣಗೊಳಿಸುವ ಅವಧಿ
1	ಸಂತೆ ಮಾರ್ಕೆಟ್ ವಾರ್ಡಿನ ಮುಖ್ಯ ರಸ್ತೆಯ ಚರಂಡಿ ದುರಸ್ತಿ DMA/2024-25/RD/WORK_INDENT36889	1345000.00	33625.00	ಇ-ಪೋರ್ಟಲ್ ನಂತೆ	2 ತಿಂಗಳು
2	ಕೊಡವೂರು ವಾರ್ಡಿನ ರಸ್ತೆ ಕಾಂಕ್ರೀಟೀಕರಣ DMA/2024-25/RD/WORK_INDENT36890	750000.00	18750.00	ಇ-ಪೋರ್ಟಲ್ ನಂತೆ	2 ತಿಂಗಳು
3	ಅಲೆವೂರು ವಾರ್ಡಿನ ರಸ್ತೆ ಡಾಮರೀಕರಣ DMA/2024-25/RD/WORK_INDENT36897	710000.00	8875.00	ಇ-ಪೋರ್ಟಲ್ ನಂತೆ	2 ತಿಂಗಳು
4	ಸಗ್ರಿ ವಾರ್ಡಿನ ಒಳ ರಸ್ತೆ ಕಾಂಕ್ರೀಟೀಕರಣ DMA/2024-25/RD/WORK_INDENT36899	800000.00	20000.00	ಇ-ಪೋರ್ಟಲ್ ನಂತೆ	2 ತಿಂಗಳು
5	ಮೂಡುಬೆಟ್ಟು ವಾರ್ಡಿನ ರಸ್ತೆ ಅಭಿವೃದ್ಧಿ DMA/2024-25/RD/WORK_INDENT36891	745000.00	18625.00	ಇ-ಪೋರ್ಟಲ್ ನಂತೆ	2 ತಿಂಗಳು
6	ಕಡಿಯಾಳಿ ವಾರ್ಡಿನ ರಸ್ತೆ ಕಾಂಕ್ರೀಟೀಕರಣ DMA/2024-25/RD/WORK_INDENT36896	1525000.00	38125.00	ಇ-ಪೋರ್ಟಲ್ ನಂತೆ	2 ತಿಂಗಳು
7	ಸುಬ್ರಹ್ಮಣ್ಯನಗರ ವಾರ್ಡಿನ ಚರಂಡಿ ನಿರ್ಮಾಣ DMA/2024-25/RD/WORK_INDENT36892	665000.00	8313.00	ಇ-ಪೋರ್ಟಲ್ ನಂತೆ	2 ತಿಂಗಳು
8	ಕಕ್ಕುಂಜೆ ವಾರ್ಡಿನ ಒಳ ರಸ್ತೆ ಅಭಿವೃದ್ಧಿ DMA/2024-25/RD/WORK_INDENT36893	1000000.00	12500.00	ಇ-ಪೋರ್ಟಲ್ ನಂತೆ	2 ತಿಂಗಳು
9	ಪುತ್ತೂರು ವಾರ್ಡಿನ ರಸ್ತೆ ಡಾಮರೀಕರಣ DMA/2024-25/RD/WORK_INDENT36900	560000.00	14000.00	ಇ-ಪೋರ್ಟಲ್ ನಂತೆ	2 ತಿಂಗಳು
10	ಪರ್ಕಳ ವಾರ್ಡಿನ ರಸ್ತೆ ಡಾಮರೀಕರಣ DMA/2024-25/RD/WORK_INDENT36901	1145000.00	28625.00	ಇ-ಪೋರ್ಟಲ್ ನಂತೆ	2 ತಿಂಗಳು
11	ಉಡುಪಿ ನಗರಸಭಾ ವ್ಯಾಪ್ತಿಯ ಸ್ಮಶಾನ ಅಭಿವೃದ್ಧಿ DMA/2024-25/OW/WORK_INDENT36894	1000000.00	25000.00	ಇ-ಪೋರ್ಟಲ್ ನಂತೆ	2 ತಿಂಗಳು
12	ಮಲ್ಪೆ ವಾರ್ಡಿನ ಕಟ್ಟಡ ದುರಸ್ತಿ DMA/2024-25/OW/WORK_INDENT36897	1155000.00	14438.00	ಇ-ಪೋರ್ಟಲ್ ನಂತೆ	2 ತಿಂಗಳು
13	ಗೋಪಾಲಪುರ ವಾರ್ಡಿನ ಮಾರುಕಟ್ಟೆ ಅಭಿವೃದ್ಧಿ DMA/2024-25/OW/WORK_INDENT36072/CALL-2	200000.00	5000.00	ಇ-ಪೋರ್ಟಲ್ ನಂತೆ	2 ತಿಂಗಳು
14	ಕಡಪಾಡಿ ವಾರ್ಡಿನ ತೋಡು ಹೂಳೆತ್ತುವುದು DMA/2024-25/OW/WORK_INDENT36066/CALL-2	535000.00	6688.00	ಇ-ಪೋರ್ಟಲ್ ನಂತೆ	2 ತಿಂಗಳು
ಕ್ರ.ಸಂ. (3) ರ ಕಾಮಗಾರಿ ಪರಿಶಿಷ್ಟ ಜಾತಿ ಮತ್ತು ಕ್ರ.ಸಂ. (7) & (8) ರ ಕಾಮಗಾರಿ ಪ್ರವರ್ಗ-II (ಎ) ಗೆ ಮೀಸಲಿರಿಸಲಾಗಿದೆ.
ಸಹಿ/- ಅಧ್ಯಕ್ಷರು, ನಗರಸಭೆ ಉಡುಪಿ	ಸಹಿ/- ಪೌರಾಯುಕ್ತರು, ಉಡುಪಿ ನಗರಸಭೆ
